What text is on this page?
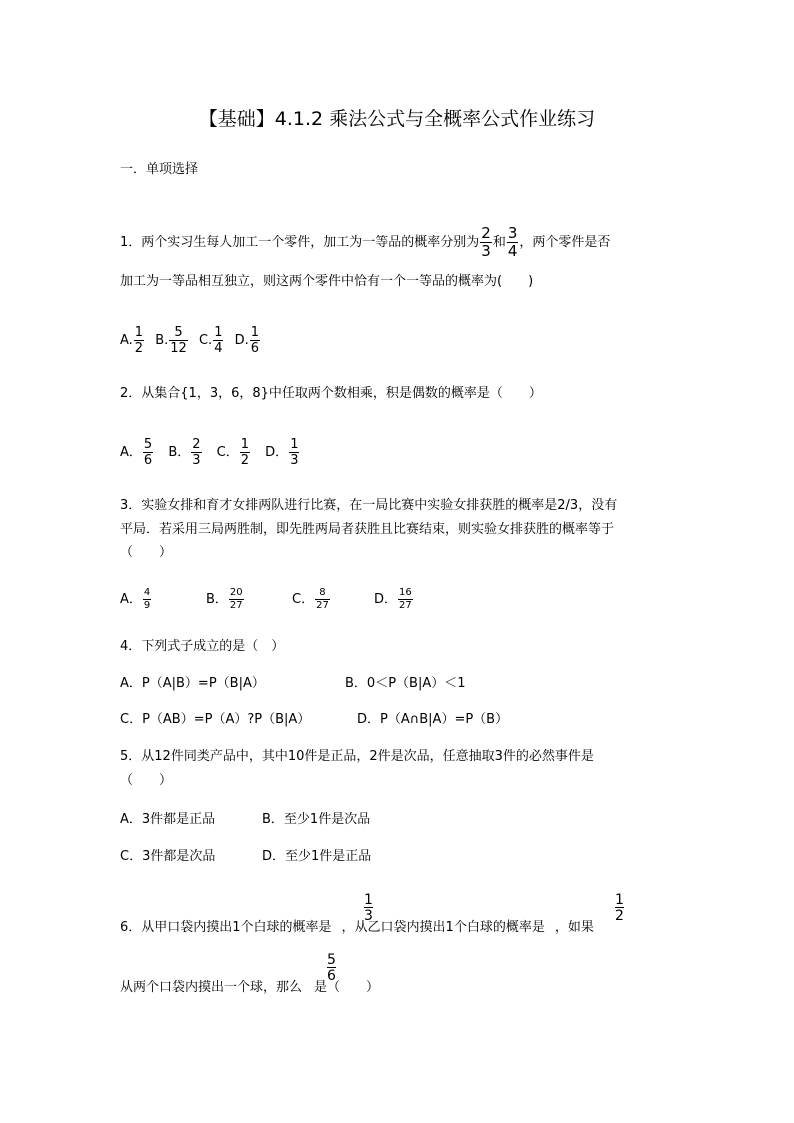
【基础】4.1.2 乘法公式与全概率公式作业练习
一．单项选择
1．两个实习生每人加工一个零件，加工为一等品的概率分别为 $\frac{2}{3}$ 和 $\frac{3}{4}$ ，两个零件是否
加工为一等品相互独立，则这两个零件中恰有一个一等品的概率为(　　)
A. $\frac{1}{2} B$. $\frac{5}{12} C$. $\frac{1}{4} D$. $\frac{1}{6}$
2．从集合{1，3，6，8}中任取两个数相乘，积是偶数的概率是（　　）
A． $\frac{5}{6}$ B． $\frac{2}{3}$ C． $\frac{1}{2}$ D． $\frac{1}{3}$
3．实验女排和育才女排两队进行比赛，在一局比赛中实验女排获胜的概率是2/3，没有
平局．若采用三局两胜制，即先胜两局者获胜且比赛结束，则实验女排获胜的概率等于
（　　）
A． $\frac{4}{9}$	B． $\frac{20}{27}$	C． $\frac{8}{27}$	D． $\frac{16}{27}$
4．下列式子成立的是（　）
A．P（A|B）=P（B|A）	B．0＜P（B|A）＜1
C．P（AB）=P（A）?P（B|A）	D．P（A∩B|A）=P（B）
5．从12件同类产品中，其中10件是正品，2件是次品，任意抽取3件的必然事件是
（　　）
A．3件都是正品	B．至少1件是次品
C．3件都是次品	D．至少1件是正品
1
3
1
2
6．从甲口袋内摸出1个白球的概率是 ，从乙口袋内摸出1个白球的概率是 ，如果
5
6
从两个口袋内摸出一个球，那么 是（　　）
